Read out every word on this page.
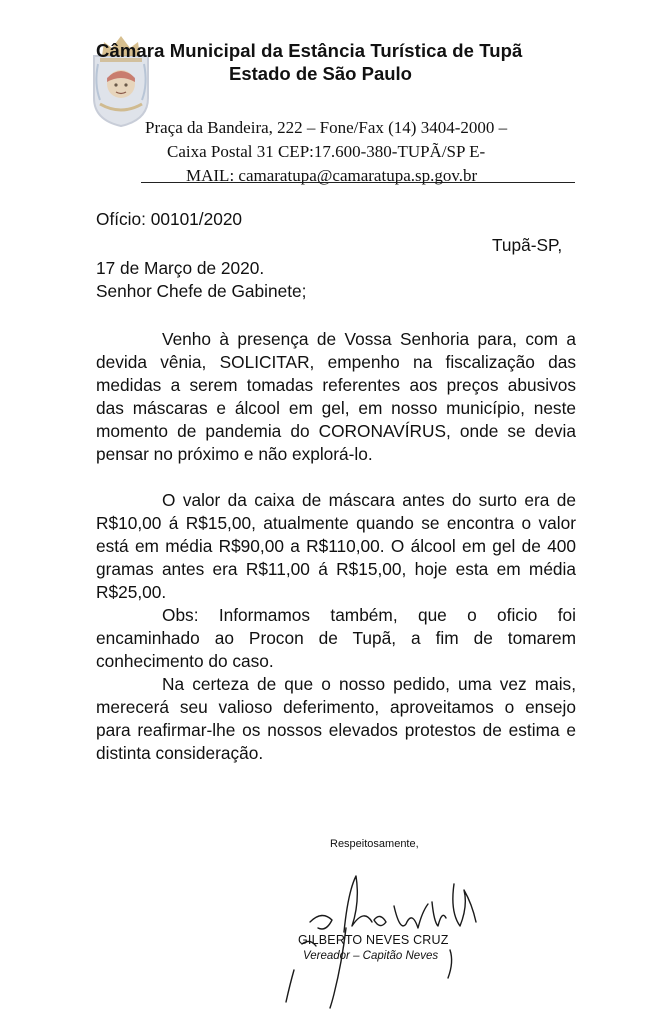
Câmara Municipal da Estância Turística de Tupã
Estado de São Paulo
Praça da Bandeira, 222 – Fone/Fax (14) 3404-2000 –
Caixa Postal 31 CEP:17.600-380-TUPÃ/SP E-
MAIL: camaratupa@camaratupa.sp.gov.br
Ofício: 00101/2020
Tupã-SP,
17 de Março de 2020.
Senhor Chefe de Gabinete;
Venho à presença de Vossa Senhoria para, com a devida vênia, SOLICITAR, empenho na fiscalização das medidas a serem tomadas referentes aos preços abusivos das máscaras e álcool em gel, em nosso município, neste momento de pandemia do CORONAVÍRUS, onde se devia pensar no próximo e não explorá-lo.
O valor da caixa de máscara antes do surto era de R$10,00 á R$15,00, atualmente quando se encontra o valor está em média R$90,00 a R$110,00. O álcool em gel de 400 gramas antes era R$11,00 á R$15,00, hoje esta em média R$25,00.
Obs: Informamos também, que o oficio foi encaminhado ao Procon de Tupã, a fim de tomarem conhecimento do caso.
Na certeza de que o nosso pedido, uma vez mais, merecerá seu valioso deferimento, aproveitamos o ensejo para reafirmar-lhe os nossos elevados protestos de estima e distinta consideração.
Respeitosamente,
GILBERTO NEVES CRUZ
Vereador – Capitão Neves
